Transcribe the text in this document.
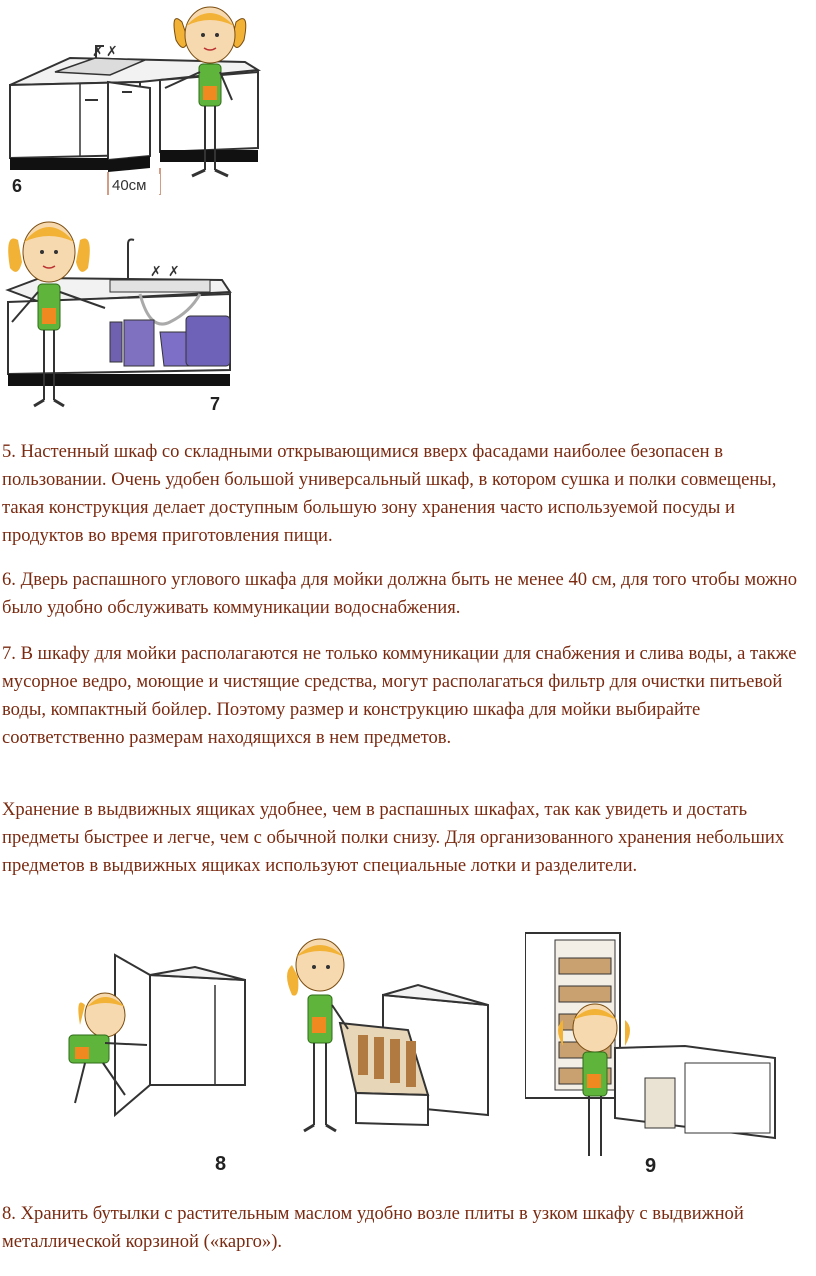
✗ ✗
40см
6
✗ ✗
7

5. Настенный шкаф со складными открывающимися вверх фасадами наиболее безопасен в пользовании. Очень удобен большой универсальный шкаф, в котором сушка и полки совмещены, такая конструкция делает доступным большую зону хранения часто используемой посуды и продуктов во время приготовления пищи.

6. Дверь распашного углового шкафа для мойки должна быть не менее 40 см, для того чтобы можно было удобно обслуживать коммуникации водоснабжения.

7. В шкафу для мойки располагаются не только коммуникации для снабжения и слива воды, а также мусорное ведро, моющие и чистящие средства, могут располагаться фильтр для очистки питьевой воды, компактный бойлер. Поэтому размер и конструкцию шкафа для мойки выбирайте соответственно размерам находящихся в нем предметов.

Хранение в выдвижных ящиках удобнее, чем в распашных шкафах, так как увидеть и достать предметы быстрее и легче, чем с обычной полки снизу. Для организованного хранения небольших предметов в выдвижных ящиках используют специальные лотки и разделители.

8	9

8. Хранить бутылки с растительным маслом удобно возле плиты в узком шкафу с выдвижной металлической корзиной («карго»).
